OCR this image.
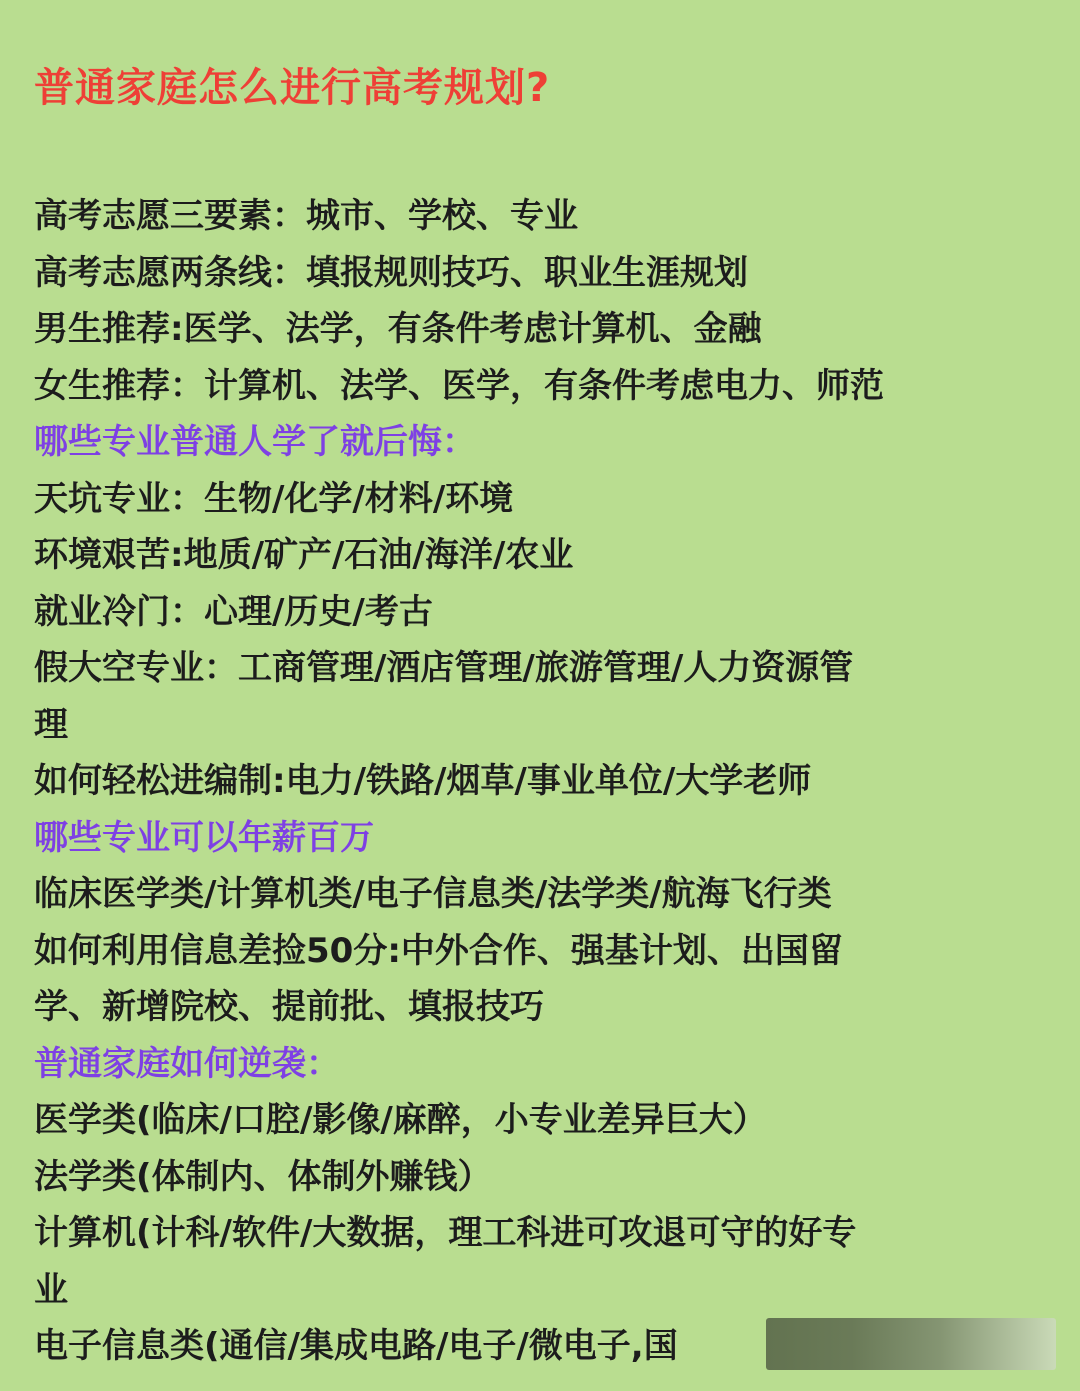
普通家庭怎么进行高考规划?
高考志愿三要素：城市、学校、专业
高考志愿两条线：填报规则技巧、职业生涯规划
男生推荐:医学、法学，有条件考虑计算机、金融
女生推荐：计算机、法学、医学，有条件考虑电力、师范
哪些专业普通人学了就后悔：
天坑专业：生物/化学/材料/环境
环境艰苦:地质/矿产/石油/海洋/农业
就业冷门：心理/历史/考古
假大空专业：工商管理/酒店管理/旅游管理/人力资源管
理
如何轻松进编制:电力/铁路/烟草/事业单位/大学老师
哪些专业可以年薪百万
临床医学类/计算机类/电子信息类/法学类/航海飞行类
如何利用信息差捡50分:中外合作、强基计划、出国留
学、新增院校、提前批、填报技巧
普通家庭如何逆袭：
医学类(临床/口腔/影像/麻醉，小专业差异巨大）
法学类(体制内、体制外赚钱）
计算机(计科/软件/大数据，理工科进可攻退可守的好专
业
电子信息类(通信/集成电路/电子/微电子,国
